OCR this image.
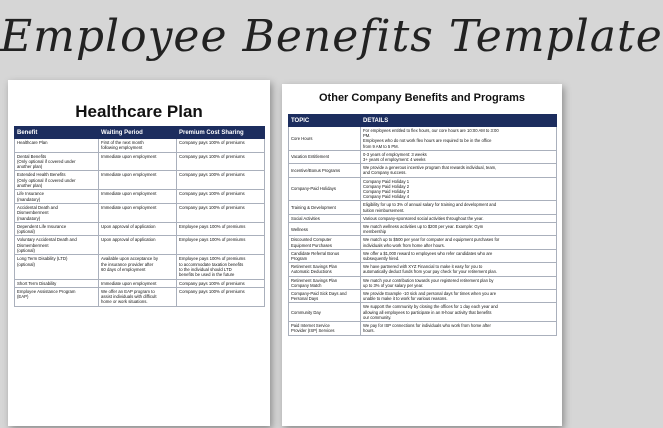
Employee Benefits Template
Healthcare Plan
Benefit	Waiting Period	Premium Cost Sharing
Healthcare Plan	First of the next month
following employment	Company pays 100% of premiums
Dental Benefits
(Only optional if covered under
another plan)	Immediate upon employment	Company pays 100% of premiums
Extended Health Benefits
(Only optional if covered under
another plan)	Immediate upon employment	Company pays 100% of premiums
Life Insurance
(mandatory)	Immediate upon employment	Company pays 100% of premiums
Accidental Death and
Dismemberment
(mandatory)	Immediate upon employment	Company pays 100% of premiums
Dependent Life Insurance
(optional)	Upon approval of application	Employee pays 100% of premiums
Voluntary Accidental Death and
Dismemberment
(optional)	Upon approval of application	Employee pays 100% of premiums
Long Term Disability (LTD)
(optional)	Available upon acceptance by
the insurance provider after
60 days of employment	Employee pays 100% of premiums
to accommodate taxation benefits
to the individual should LTD
benefits be used in the future
Short Term Disability	Immediate upon employment	Company pays 100% of premiums
Employee Assistance Program
(EAP)	We offer an EAP program to
assist individuals with difficult
home or work situations.	Company pays 100% of premiums
Other Company Benefits and Programs
TOPIC	DETAILS
Core Hours	For employees entitled to flex hours, our core hours are 10:00 AM to 3:00
PM.
Employees who do not work flex hours are required to be in the office
from 9 AM to 5 PM.
Vacation Entitlement	0-3 years of employment: 3 weeks
3+ years of employment: 4 weeks
Incentive/Bonus Programs	We provide a generous incentive program that rewards individual, team,
and Company success.
Company-Paid Holidays	Company Paid Holiday 1
Company Paid Holiday 2
Company Paid Holiday 3
Company Paid Holiday 4
Training & Development	Eligibility for up to 3% of annual salary for training and development and
tuition reimbursement.
Social Activities	Various company-sponsored social activities throughout the year.
Wellness	We match wellness activities up to $200 per year. Example: Gym
membership
Discounted Computer
Equipment Purchases	We match up to $500 per year for computer and equipment purchases for
individuals who work from home after hours.
Candidate Referral Bonus
Program	We offer a $1,000 reward to employees who refer candidates who are
subsequently hired.
Retirement Savings Plan
Automatic Deductions	We have partnered with XYZ Financial to make it easy for you to
automatically deduct funds from your pay check for your retirement plan.
Retirement Savings Plan
Company Match	We match your contribution towards your registered retirement plan by
up to 3% of your salary per year.
Company-Paid Sick Days and
Personal Days	We provide Example -10 sick and personal days for times when you are
unable to make it to work for various reasons.
Community Day	We support the community by closing the offices for 1 day each year and
allowing all employees to participate in an 8-hour activity that benefits
our community.
Paid Internet Service
Provider (ISP) Services	We pay for ISP connections for individuals who work from home after
hours.
